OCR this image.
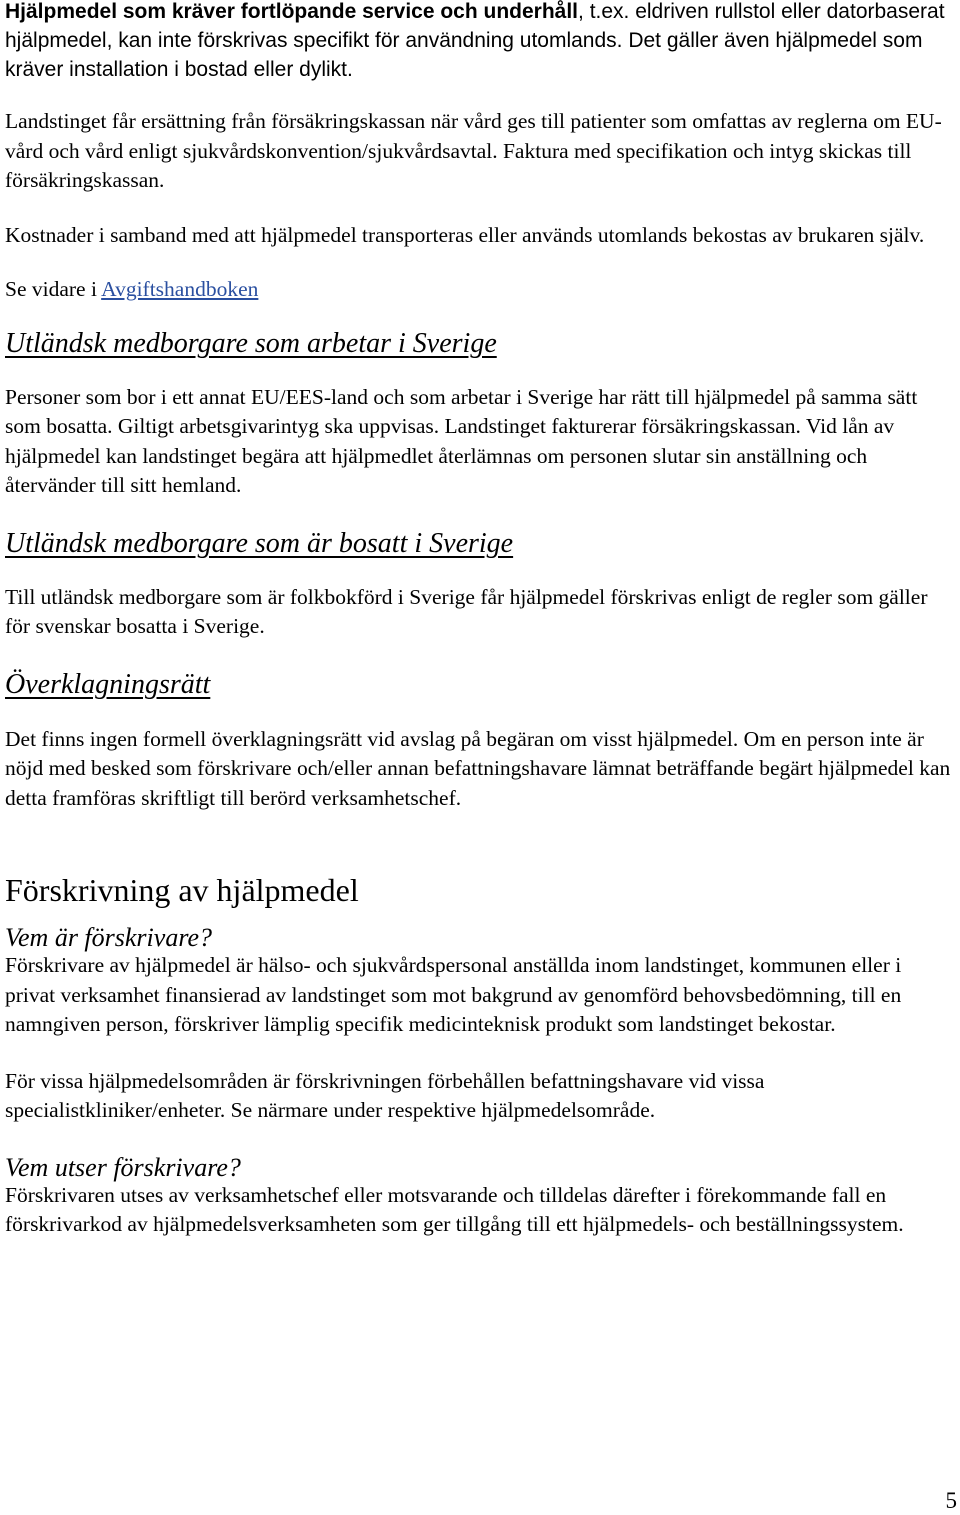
Hjälpmedel som kräver fortlöpande service och underhåll, t.ex. eldriven rullstol eller datorbaserat hjälpmedel, kan inte förskrivas specifikt för användning utomlands. Det gäller även hjälpmedel som kräver installation i bostad eller dylikt.

Landstinget får ersättning från försäkringskassan när vård ges till patienter som omfattas av reglerna om EU-vård och vård enligt sjukvårdskonvention/sjukvårdsavtal. Faktura med specifikation och intyg skickas till försäkringskassan.

Kostnader i samband med att hjälpmedel transporteras eller används utomlands bekostas av brukaren själv.

Se vidare i Avgiftshandboken

Utländsk medborgare som arbetar i Sverige

Personer som bor i ett annat EU/EES-land och som arbetar i Sverige har rätt till hjälpmedel på samma sätt som bosatta. Giltigt arbetsgivarintyg ska uppvisas. Landstinget fakturerar försäkringskassan. Vid lån av hjälpmedel kan landstinget begära att hjälpmedlet återlämnas om personen slutar sin anställning och återvänder till sitt hemland.

Utländsk medborgare som är bosatt i Sverige

Till utländsk medborgare som är folkbokförd i Sverige får hjälpmedel förskrivas enligt de regler som gäller för svenskar bosatta i Sverige.

Överklagningsrätt

Det finns ingen formell överklagningsrätt vid avslag på begäran om visst hjälpmedel. Om en person inte är nöjd med besked som förskrivare och/eller annan befattningshavare lämnat beträffande begärt hjälpmedel kan detta framföras skriftligt till berörd verksamhetschef.

Förskrivning av hjälpmedel
Vem är förskrivare?

Förskrivare av hjälpmedel är hälso- och sjukvårdspersonal anställda inom landstinget, kommunen eller i privat verksamhet finansierad av landstinget som mot bakgrund av genomförd behovsbedömning, till en namngiven person, förskriver lämplig specifik medicinteknisk produkt som landstinget bekostar.

För vissa hjälpmedelsområden är förskrivningen förbehållen befattningshavare vid vissa specialistkliniker/enheter. Se närmare under respektive hjälpmedelsområde.

Vem utser förskrivare?

Förskrivaren utses av verksamhetschef eller motsvarande och tilldelas därefter i förekommande fall en förskrivarkod av hjälpmedelsverksamheten som ger tillgång till ett hjälpmedels- och beställningssystem.

5
